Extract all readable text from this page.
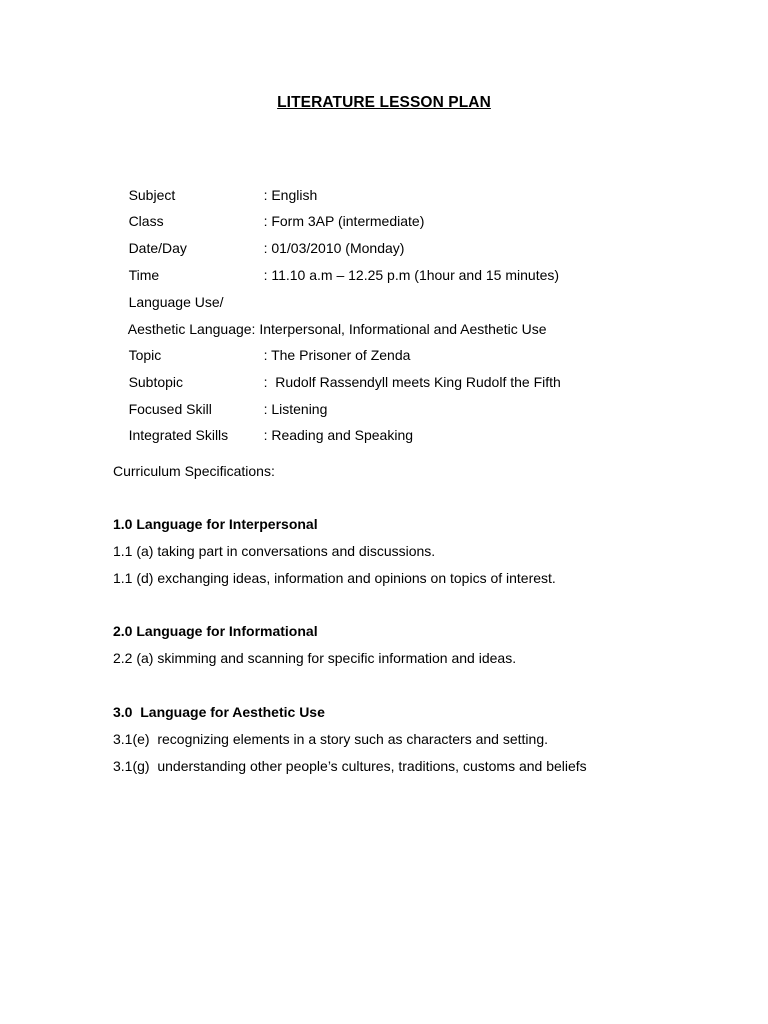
LITERATURE LESSON PLAN

Subject	: English

Class	: Form 3AP (intermediate)

Date/Day	: 01/03/2010 (Monday)

Time	: 11.10 a.m – 12.25 p.m (1hour and 15 minutes)

Language Use/

Aesthetic Language: Interpersonal, Informational and Aesthetic Use

Topic	: The Prisoner of Zenda

Subtopic	:  Rudolf Rassendyll meets King Rudolf the Fifth

Focused Skill	: Listening

Integrated Skills	: Reading and Speaking

Curriculum Specifications:
1.0 Language for Interpersonal
1.1 (a) taking part in conversations and discussions.
1.1 (d) exchanging ideas, information and opinions on topics of interest.
2.0 Language for Informational
2.2 (a) skimming and scanning for specific information and ideas.
3.0  Language for Aesthetic Use
3.1(e)  recognizing elements in a story such as characters and setting.
3.1(g)  understanding other people’s cultures, traditions, customs and beliefs
